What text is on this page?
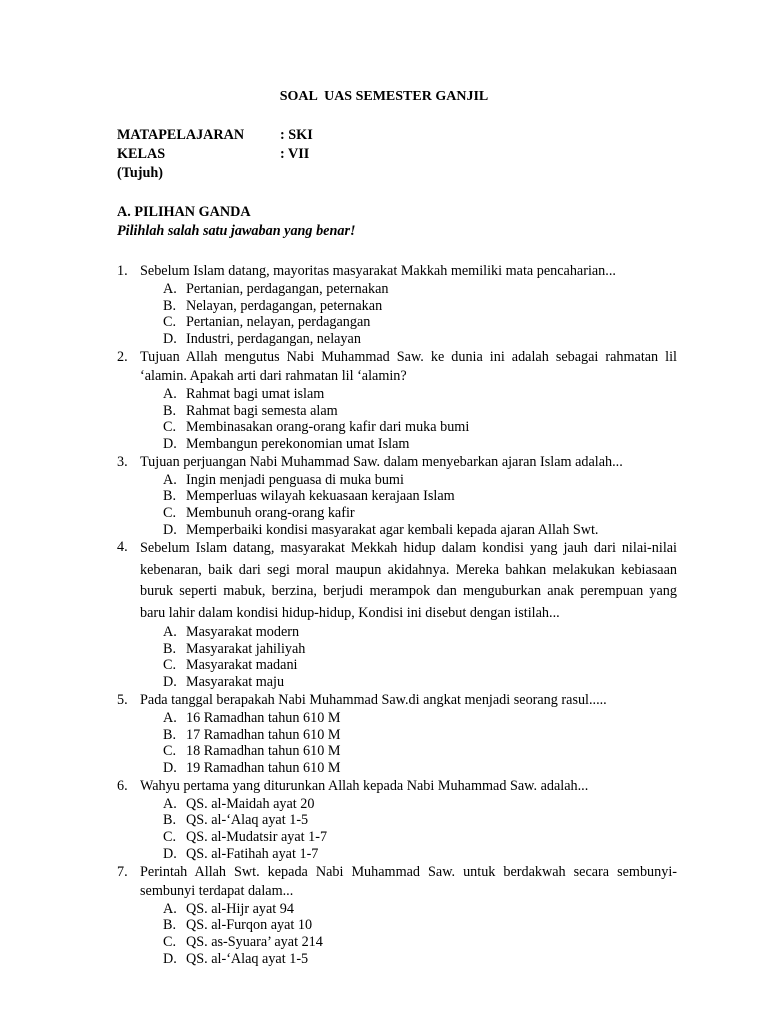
SOAL  UAS SEMESTER GANJIL
MATAPELAJARAN	: SKI
KELAS	: VII
(Tujuh)
A. PILIHAN GANDA
Pilihlah salah satu jawaban yang benar!
1. Sebelum Islam datang, mayoritas masyarakat Makkah memiliki mata pencaharian...
A. Pertanian, perdagangan, peternakan
B. Nelayan, perdagangan, peternakan
C. Pertanian, nelayan, perdagangan
D. Industri, perdagangan, nelayan
2. Tujuan Allah mengutus Nabi Muhammad Saw. ke dunia ini adalah sebagai rahmatan lil ‘alamin. Apakah arti dari rahmatan lil ‘alamin?
A. Rahmat bagi umat islam
B. Rahmat bagi semesta alam
C. Membinasakan orang-orang kafir dari muka bumi
D. Membangun perekonomian umat Islam
3. Tujuan perjuangan Nabi Muhammad Saw. dalam menyebarkan ajaran Islam adalah...
A. Ingin menjadi penguasa di muka bumi
B. Memperluas wilayah kekuasaan kerajaan Islam
C. Membunuh orang-orang kafir
D. Memperbaiki kondisi masyarakat agar kembali kepada ajaran Allah Swt.
4. Sebelum Islam datang, masyarakat Mekkah hidup dalam kondisi yang jauh dari nilai-nilai kebenaran, baik dari segi moral maupun akidahnya. Mereka bahkan melakukan kebiasaan buruk seperti mabuk, berzina, berjudi merampok dan menguburkan anak perempuan yang baru lahir dalam kondisi hidup-hidup, Kondisi ini disebut dengan istilah...
A. Masyarakat modern
B. Masyarakat jahiliyah
C. Masyarakat madani
D. Masyarakat maju
5. Pada tanggal berapakah Nabi Muhammad Saw.di angkat menjadi seorang rasul.....
A. 16 Ramadhan tahun 610 M
B. 17 Ramadhan tahun 610 M
C. 18 Ramadhan tahun 610 M
D. 19 Ramadhan tahun 610 M
6. Wahyu pertama yang diturunkan Allah kepada Nabi Muhammad Saw. adalah...
A. QS. al-Maidah ayat 20
B. QS. al-‘Alaq ayat 1-5
C. QS. al-Mudatsir ayat 1-7
D. QS. al-Fatihah ayat 1-7
7. Perintah Allah Swt. kepada Nabi Muhammad Saw. untuk berdakwah secara sembunyi-sembunyi terdapat dalam...
A. QS. al-Hijr ayat 94
B. QS. al-Furqon ayat 10
C. QS. as-Syuara’ ayat 214
D. QS. al-‘Alaq ayat 1-5
